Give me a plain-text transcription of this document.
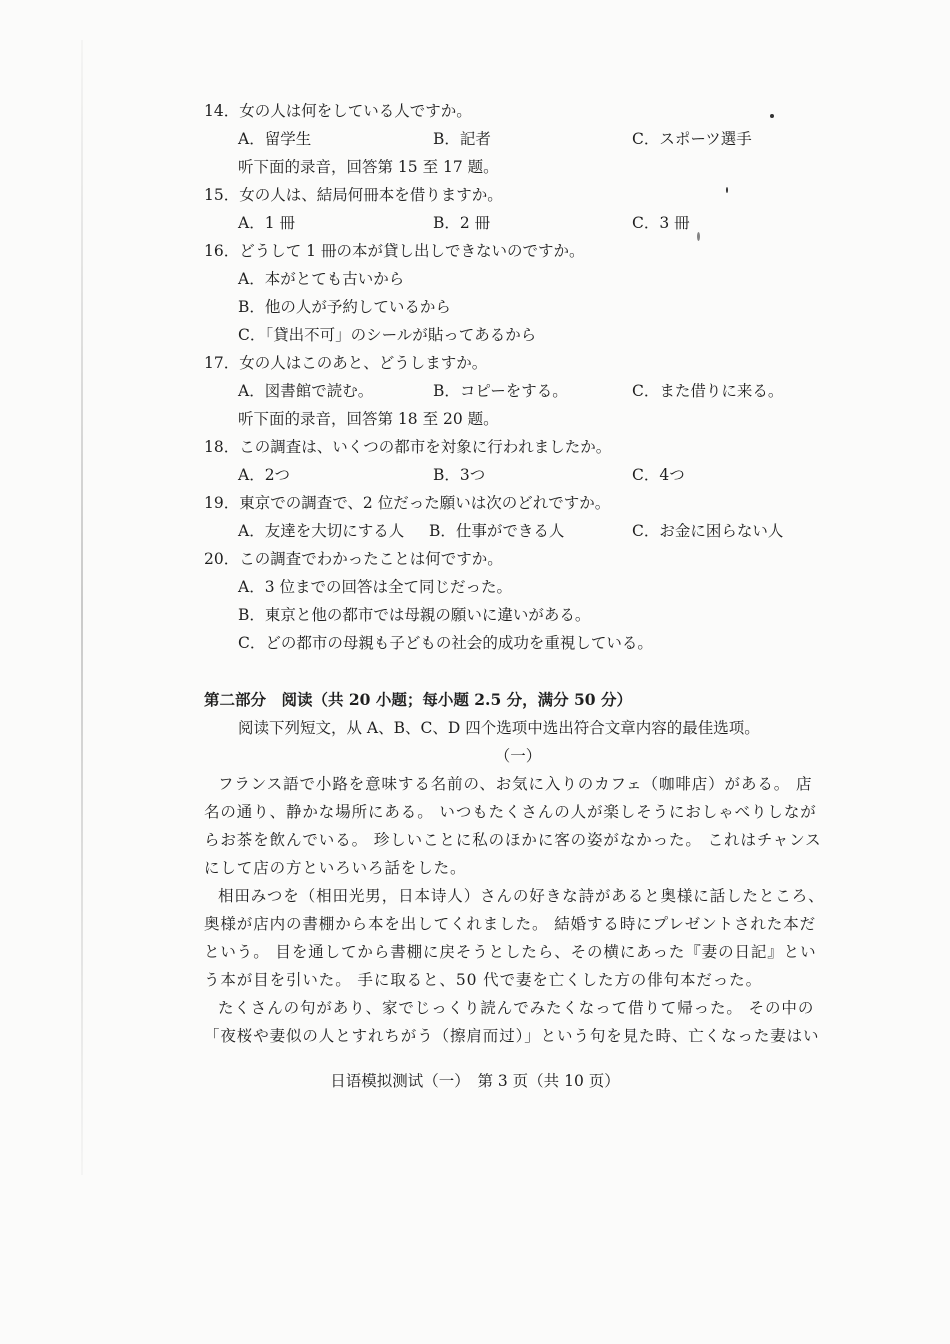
14．女の人は何をしている人ですか。
A．留学生	B．記者	C．スポーツ選手
听下面的录音，回答第 15 至 17 题。
15．女の人は、結局何冊本を借りますか。
A．1 冊	B．2 冊	C．3 冊
16．どうして 1 冊の本が貸し出しできないのですか。
A．本がとても古いから
B．他の人が予約しているから
C．「貸出不可」のシールが貼ってあるから
17．女の人はこのあと、どうしますか。
A．図書館で読む。	B．コピーをする。	C．また借りに来る。
听下面的录音，回答第 18 至 20 题。
18．この調査は、いくつの都市を対象に行われましたか。
A．2つ	B．3つ	C．4つ
19．東京での調査で、2 位だった願いは次のどれですか。
A．友達を大切にする人 B．仕事ができる人	C．お金に困らない人
20．この調査でわかったことは何ですか。
A．3 位までの回答は全て同じだった。
B．東京と他の都市では母親の願いに違いがある。
C．どの都市の母親も子どもの社会的成功を重視している。
第二部分　阅读（共 20 小题；每小题 2.5 分，满分 50 分）
阅读下列短文，从 A、B、C、D 四个选项中选出符合文章内容的最佳选项。
（一）
フランス語で小路を意味する名前の、お気に入りのカフェ（咖啡店）がある。 店
名の通り、静かな場所にある。 いつもたくさんの人が楽しそうにおしゃべりしなが
らお茶を飲んでいる。 珍しいことに私のほかに客の姿がなかった。 これはチャンス
にして店の方といろいろ話をした。
相田みつを（相田光男，日本诗人）さんの好きな詩があると奥様に話したところ、
奥様が店内の書棚から本を出してくれました。 結婚する時にプレゼントされた本だ
という。 目を通してから書棚に戻そうとしたら、その横にあった『妻の日記』とい
う本が目を引いた。 手に取ると、50 代で妻を亡くした方の俳句本だった。
たくさんの句があり、家でじっくり読んでみたくなって借りて帰った。 その中の
「夜桜や妻似の人とすれちがう（擦肩而过）」という句を見た時、亡くなった妻はい
日语模拟测试（一）　第 3 页（共 10 页）
